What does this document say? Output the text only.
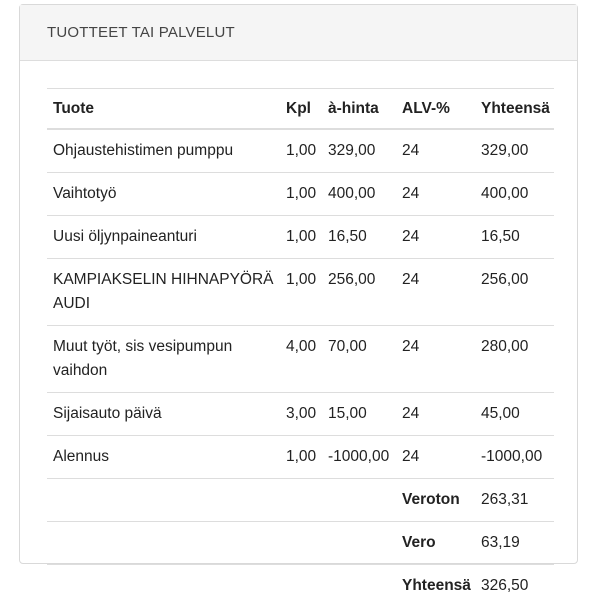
TUOTTEET TAI PALVELUT
Tuote	Kpl	à-hinta	ALV-%	Yhteensä
Ohjaustehistimen pumppu	1,00	329,00	24	329,00
Vaihtotyö	1,00	400,00	24	400,00
Uusi öljynpaineanturi	1,00	16,50	24	16,50
KAMPIAKSELIN HIHNAPYÖRÄ AUDI	1,00	256,00	24	256,00
Muut työt, sis vesipumpun vaihdon	4,00	70,00	24	280,00
Sijaisauto päivä	3,00	15,00	24	45,00
Alennus	1,00	-1000,00	24	-1000,00
			Veroton	263,31
			Vero	63,19
			Yhteensä	326,50
